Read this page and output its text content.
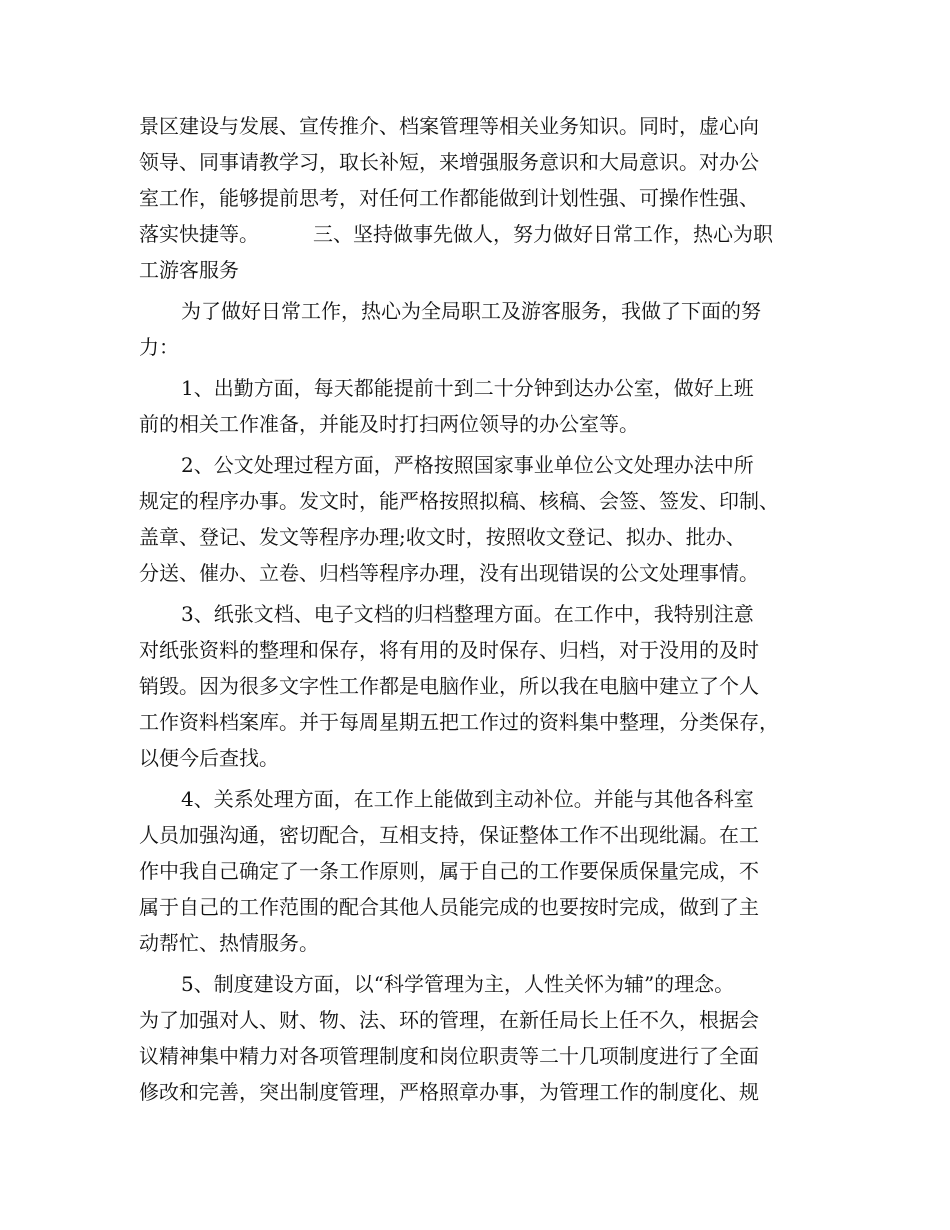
景区建设与发展、宣传推介、档案管理等相关业务知识。同时，虚心向

领导、同事请教学习，取长补短，来增强服务意识和大局意识。对办公

室工作，能够提前思考，对任何工作都能做到计划性强、可操作性强、

落实快捷等。	三、坚持做事先做人，努力做好日常工作，热心为职

工游客服务

为了做好日常工作，热心为全局职工及游客服务，我做了下面的努

力：

1、出勤方面，每天都能提前十到二十分钟到达办公室，做好上班

前的相关工作准备，并能及时打扫两位领导的办公室等。

2、公文处理过程方面，严格按照国家事业单位公文处理办法中所

规定的程序办事。发文时，能严格按照拟稿、核稿、会签、签发、印制、

盖章、登记、发文等程序办理;收文时，按照收文登记、拟办、批办、

分送、催办、立卷、归档等程序办理，没有出现错误的公文处理事情。

3、纸张文档、电子文档的归档整理方面。在工作中，我特别注意

对纸张资料的整理和保存，将有用的及时保存、归档，对于没用的及时

销毁。因为很多文字性工作都是电脑作业，所以我在电脑中建立了个人

工作资料档案库。并于每周星期五把工作过的资料集中整理，分类保存，

以便今后查找。

4、关系处理方面，在工作上能做到主动补位。并能与其他各科室

人员加强沟通，密切配合，互相支持，保证整体工作不出现纰漏。在工

作中我自己确定了一条工作原则，属于自己的工作要保质保量完成，不

属于自己的工作范围的配合其他人员能完成的也要按时完成，做到了主

动帮忙、热情服务。

5、制度建设方面，以“科学管理为主，人性关怀为辅”的理念。

为了加强对人、财、物、法、环的管理，在新任局长上任不久，根据会

议精神集中精力对各项管理制度和岗位职责等二十几项制度进行了全面

修改和完善，突出制度管理，严格照章办事，为管理工作的制度化、规
